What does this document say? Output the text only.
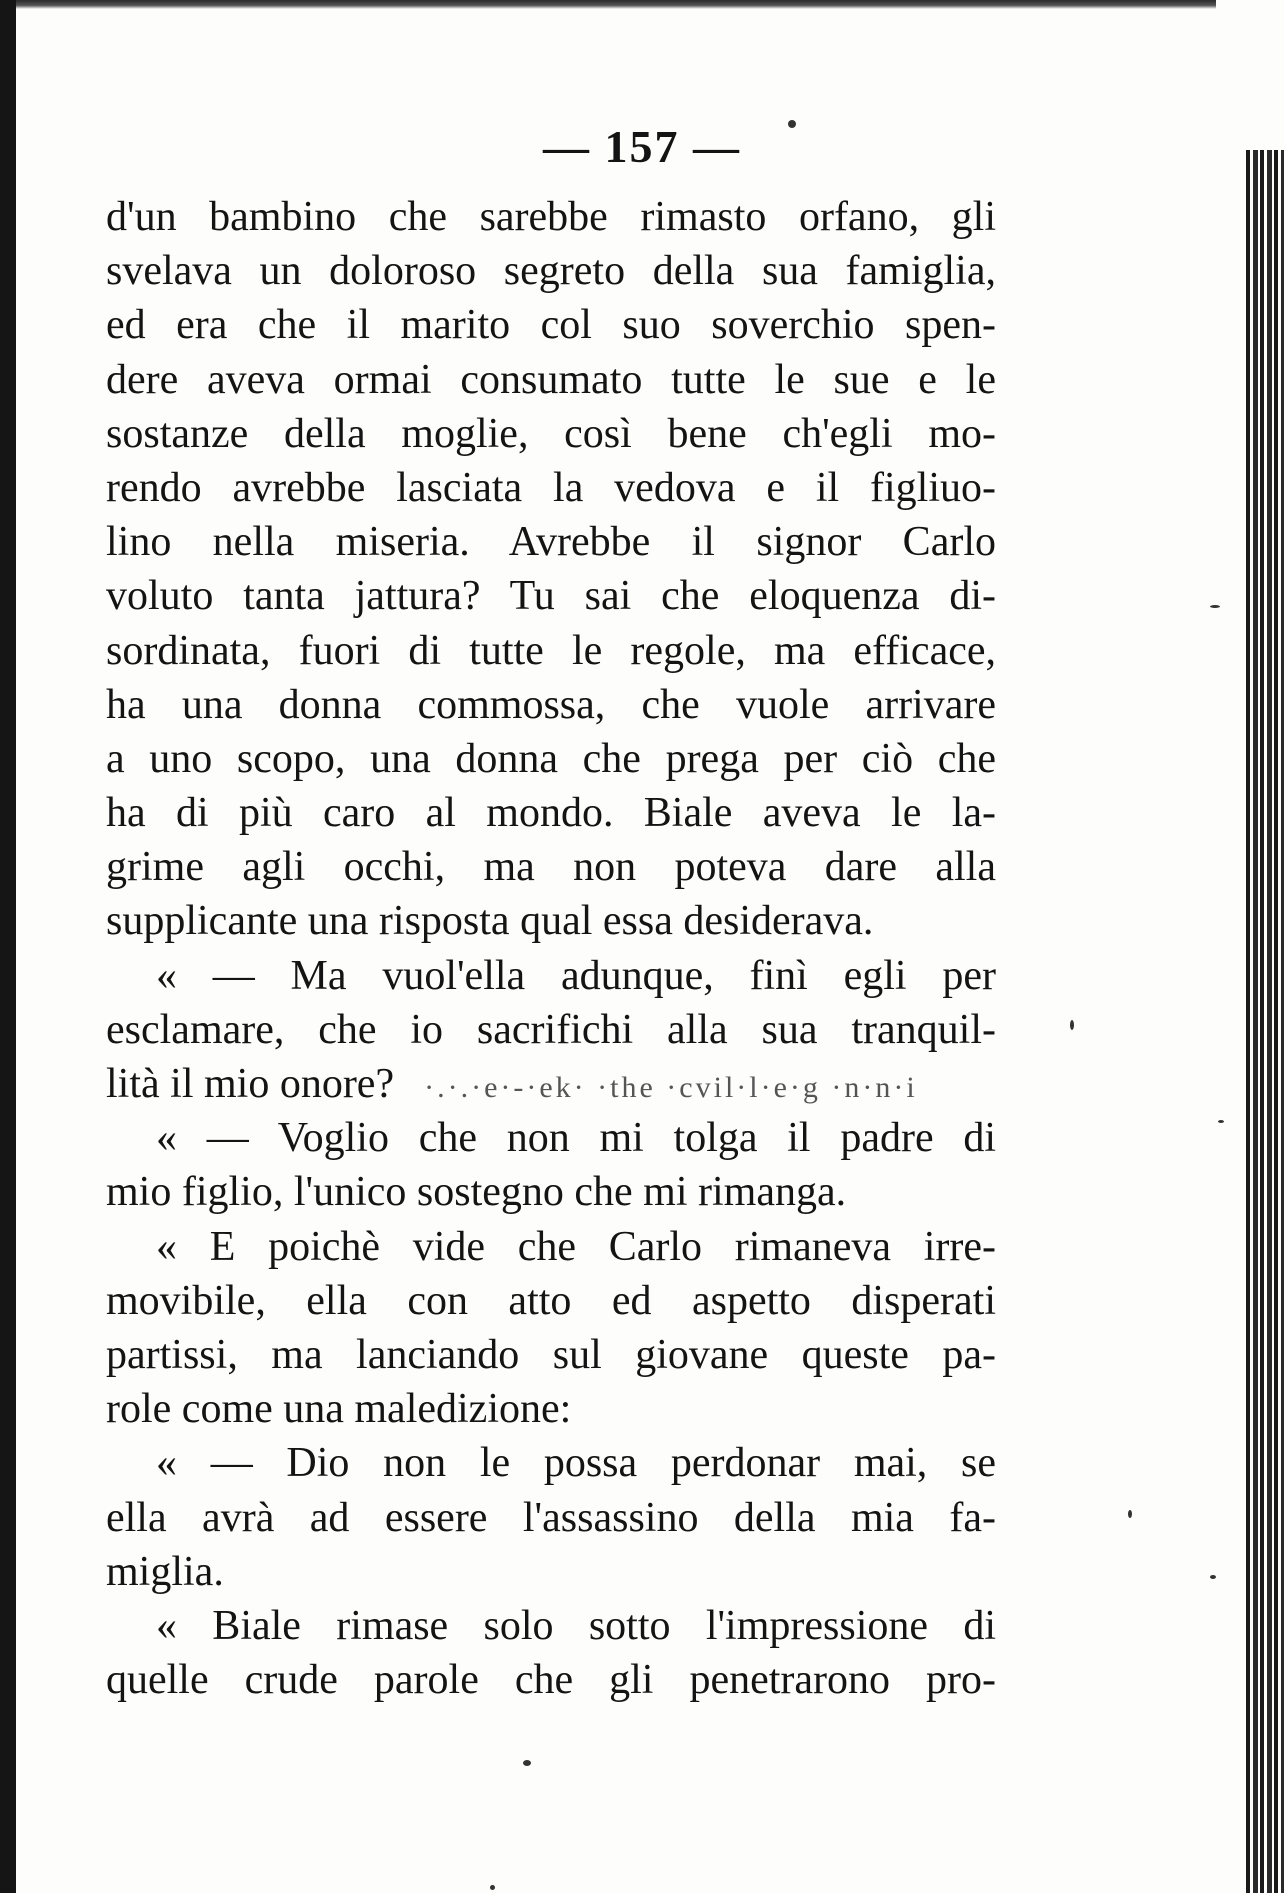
— 157 —
d'un bambino che sarebbe rimasto orfano, gli
svelava un doloroso segreto della sua famiglia,
ed era che il marito col suo soverchio spen-
dere aveva ormai consumato tutte le sue e le
sostanze della moglie, così bene ch'egli mo-
rendo avrebbe lasciata la vedova e il figliuo-
lino nella miseria. Avrebbe il signor Carlo
voluto tanta jattura? Tu sai che eloquenza di-
sordinata, fuori di tutte le regole, ma efficace,
ha una donna commossa, che vuole arrivare
a uno scopo, una donna che prega per ciò che
ha di più caro al mondo. Biale aveva le la-
grime agli occhi, ma non poteva dare alla
supplicante una risposta qual essa desiderava.
« — Ma vuol'ella adunque, finì egli per
esclamare, che io sacrifichi alla sua tranquil-
lità il mio onore? ·.·.·e·-·ek· ·the ·cvil·l·e·g ·n·n·i
« — Voglio che non mi tolga il padre di
mio figlio, l'unico sostegno che mi rimanga.
« E poichè vide che Carlo rimaneva irre-
movibile, ella con atto ed aspetto disperati
partissi, ma lanciando sul giovane queste pa-
role come una maledizione:
« — Dio non le possa perdonar mai, se
ella avrà ad essere l'assassino della mia fa-
miglia.
« Biale rimase solo sotto l'impressione di
quelle crude parole che gli penetrarono pro-
